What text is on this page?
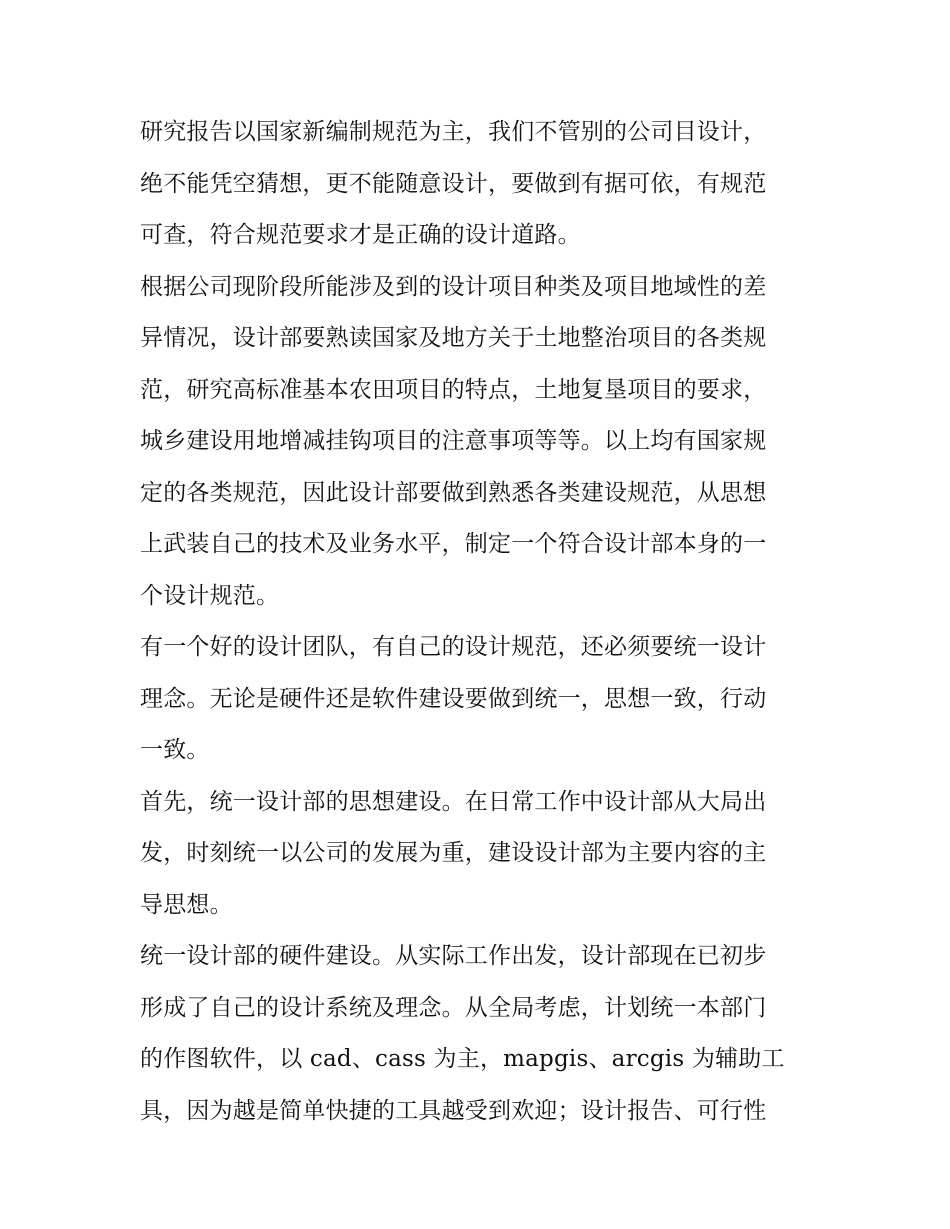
研究报告以国家新编制规范为主，我们不管别的公司目设计，
绝不能凭空猜想，更不能随意设计，要做到有据可依，有规范
可查，符合规范要求才是正确的设计道路。
根据公司现阶段所能涉及到的设计项目种类及项目地域性的差
异情况，设计部要熟读国家及地方关于土地整治项目的各类规
范，研究高标准基本农田项目的特点，土地复垦项目的要求，
城乡建设用地增减挂钩项目的注意事项等等。以上均有国家规
定的各类规范，因此设计部要做到熟悉各类建设规范，从思想
上武装自己的技术及业务水平，制定一个符合设计部本身的一
个设计规范。
有一个好的设计团队，有自己的设计规范，还必须要统一设计
理念。无论是硬件还是软件建设要做到统一，思想一致，行动
一致。
首先，统一设计部的思想建设。在日常工作中设计部从大局出
发，时刻统一以公司的发展为重，建设设计部为主要内容的主
导思想。
统一设计部的硬件建设。从实际工作出发，设计部现在已初步
形成了自己的设计系统及理念。从全局考虑，计划统一本部门
的作图软件，以 cad、cass 为主，mapgis、arcgis 为辅助工
具，因为越是简单快捷的工具越受到欢迎；设计报告、可行性
